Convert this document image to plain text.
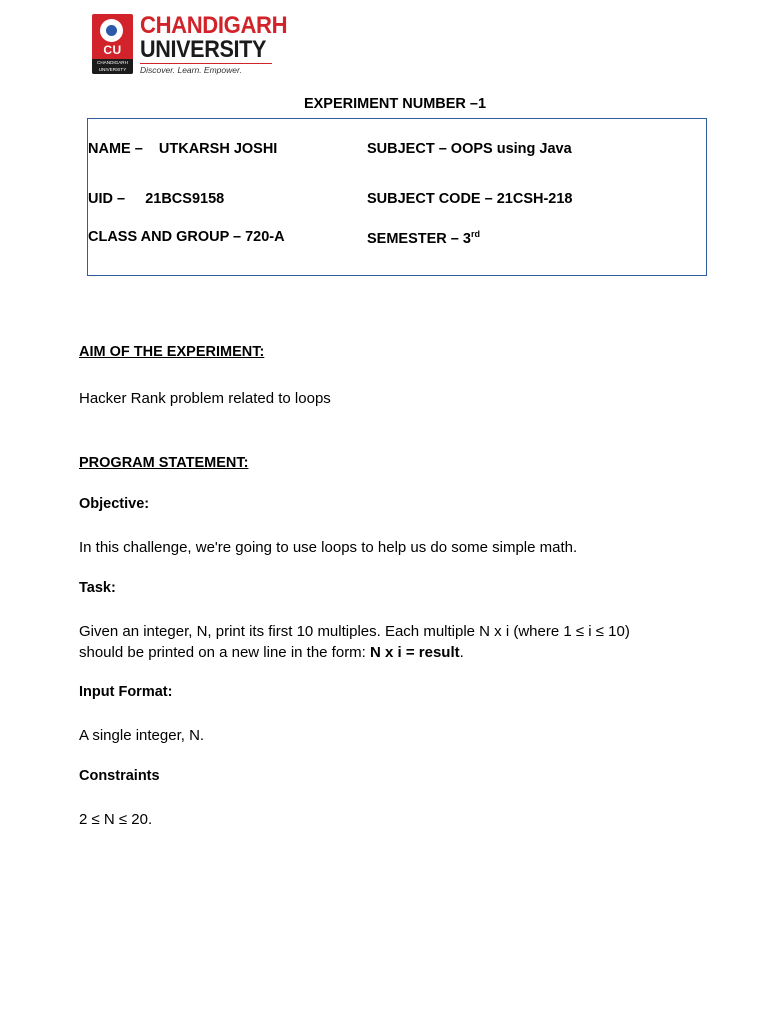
CU
CHANDIGARH UNIVERSITY
CHANDIGARH
UNIVERSITY
Discover. Learn. Empower.
EXPERIMENT NUMBER –1
NAME –    UTKARSH JOSHI	SUBJECT – OOPS using Java
UID –     21BCS9158	SUBJECT CODE – 21CSH-218
CLASS AND GROUP – 720-A	SEMESTER – 3rd
AIM OF THE EXPERIMENT:
Hacker Rank problem related to loops
PROGRAM STATEMENT:
Objective:
In this challenge, we're going to use loops to help us do some simple math.
Task:
Given an integer, N, print its first 10 multiples. Each multiple N x i (where 1 ≤ i ≤ 10)
should be printed on a new line in the form: N x i = result.
Input Format:
A single integer, N.
Constraints
2 ≤ N ≤ 20.
